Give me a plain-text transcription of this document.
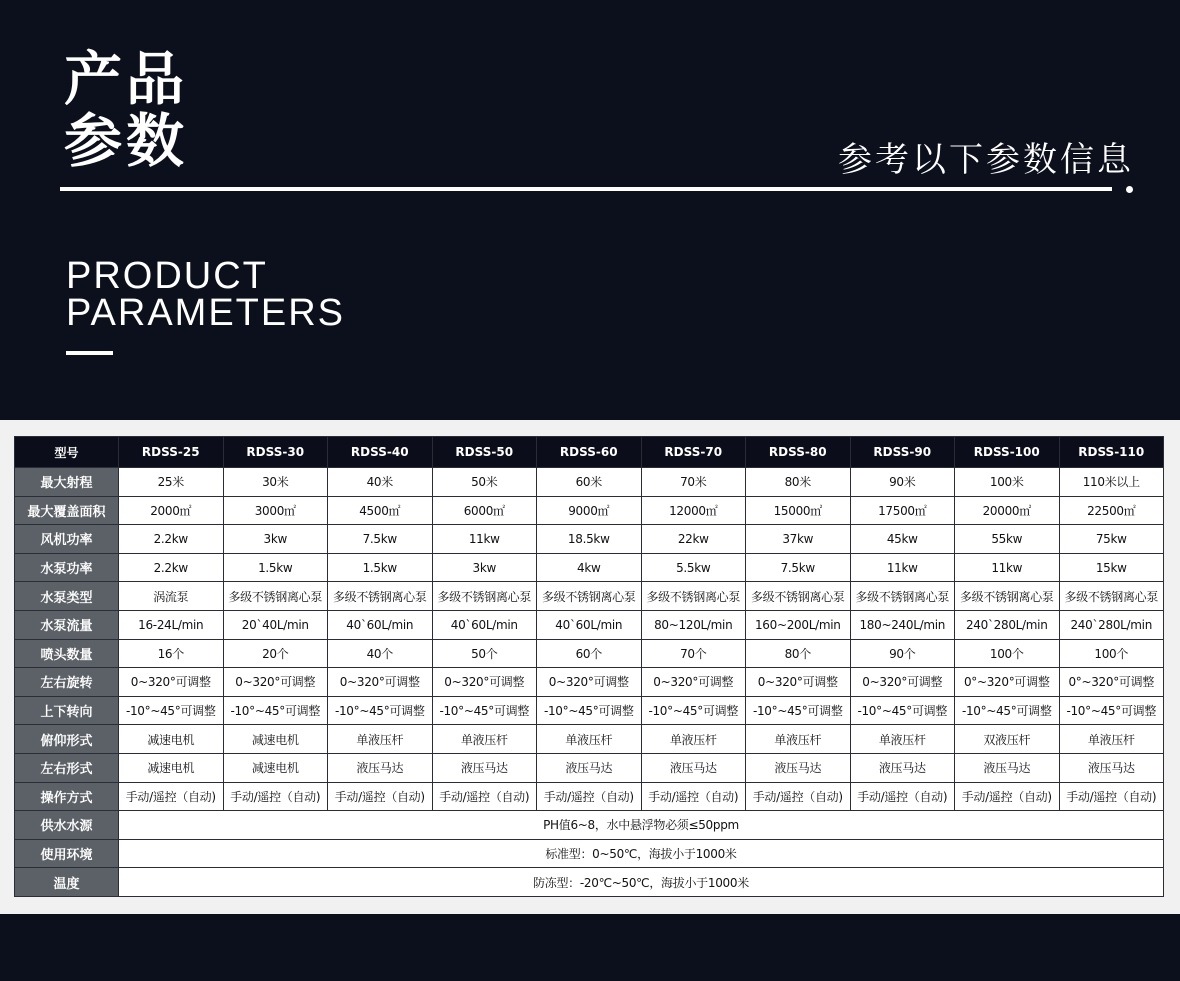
产品
参数	参考以下参数信息
PRODUCT
PARAMETERS
型号	RDSS-25	RDSS-30	RDSS-40	RDSS-50	RDSS-60	RDSS-70	RDSS-80	RDSS-90	RDSS-100	RDSS-110
最大射程	25米	30米	40米	50米	60米	70米	80米	90米	100米	110米以上
最大覆盖面积	2000㎡	3000㎡	4500㎡	6000㎡	9000㎡	12000㎡	15000㎡	17500㎡	20000㎡	22500㎡
风机功率	2.2kw	3kw	7.5kw	11kw	18.5kw	22kw	37kw	45kw	55kw	75kw
水泵功率	2.2kw	1.5kw	1.5kw	3kw	4kw	5.5kw	7.5kw	11kw	11kw	15kw
水泵类型	涡流泵	多级不锈钢离心泵	多级不锈钢离心泵	多级不锈钢离心泵	多级不锈钢离心泵	多级不锈钢离心泵	多级不锈钢离心泵	多级不锈钢离心泵	多级不锈钢离心泵	多级不锈钢离心泵
水泵流量	16-24L/min	20`40L/min	40`60L/min	40`60L/min	40`60L/min	80~120L/min	160~200L/min	180~240L/min	240`280L/min	240`280L/min
喷头数量	16个	20个	40个	50个	60个	70个	80个	90个	100个	100个
左右旋转	0~320°可调整	0~320°可调整	0~320°可调整	0~320°可调整	0~320°可调整	0~320°可调整	0~320°可调整	0~320°可调整	0°~320°可调整	0°~320°可调整
上下转向	-10°~45°可调整	-10°~45°可调整	-10°~45°可调整	-10°~45°可调整	-10°~45°可调整	-10°~45°可调整	-10°~45°可调整	-10°~45°可调整	-10°~45°可调整	-10°~45°可调整
俯仰形式	减速电机	减速电机	单液压杆	单液压杆	单液压杆	单液压杆	单液压杆	单液压杆	双液压杆	单液压杆
左右形式	减速电机	减速电机	液压马达	液压马达	液压马达	液压马达	液压马达	液压马达	液压马达	液压马达
操作方式	手动/遥控（自动)	手动/遥控（自动)	手动/遥控（自动)	手动/遥控（自动)	手动/遥控（自动)	手动/遥控（自动)	手动/遥控（自动)	手动/遥控（自动)	手动/遥控（自动)	手动/遥控（自动)
供水水源	PH值6~8，水中悬浮物必须≤50ppm									
使用环境	标准型：0~50℃，海拔小于1000米									
温度	防冻型：-20℃~50℃，海拔小于1000米									
